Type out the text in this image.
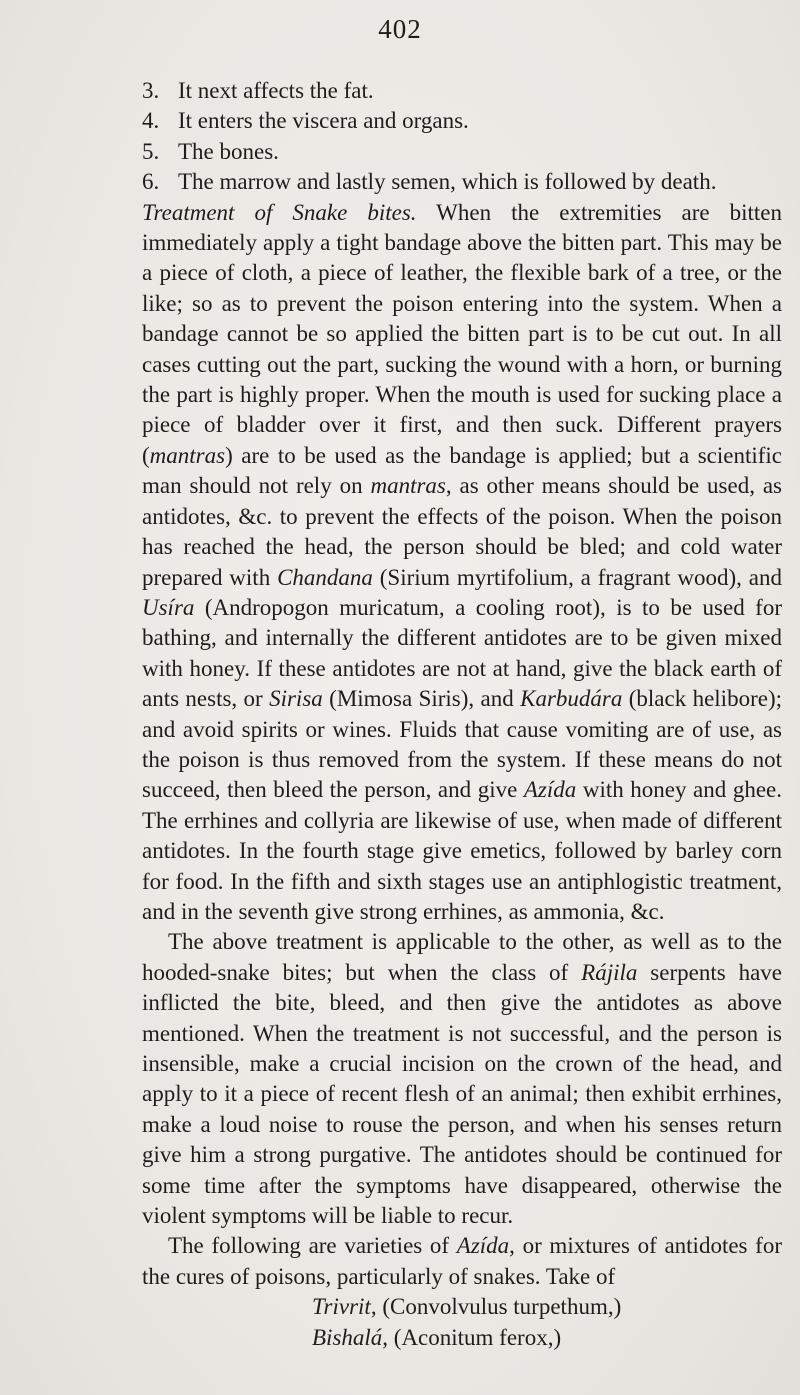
402
3. It next affects the fat.
4. It enters the viscera and organs.
5. The bones.
6. The marrow and lastly semen, which is followed by death.

Treatment of Snake bites. When the extremities are bitten immediately apply a tight bandage above the bitten part. This may be a piece of cloth, a piece of leather, the flexible bark of a tree, or the like; so as to prevent the poison entering into the system. When a bandage cannot be so applied the bitten part is to be cut out. In all cases cutting out the part, sucking the wound with a horn, or burning the part is highly proper. When the mouth is used for sucking place a piece of bladder over it first, and then suck. Different prayers (mantras) are to be used as the bandage is applied; but a scientific man should not rely on mantras, as other means should be used, as antidotes, &c. to prevent the effects of the poison. When the poison has reached the head, the person should be bled; and cold water prepared with Chandana (Sirium myrtifolium, a fragrant wood), and Usíra (Andropogon muricatum, a cooling root), is to be used for bathing, and internally the different antidotes are to be given mixed with honey. If these antidotes are not at hand, give the black earth of ants nests, or Sirisa (Mimosa Siris), and Karbudára (black helibore); and avoid spirits or wines. Fluids that cause vomiting are of use, as the poison is thus removed from the system. If these means do not succeed, then bleed the person, and give Azída with honey and ghee. The errhines and collyria are likewise of use, when made of different antidotes. In the fourth stage give emetics, followed by barley corn for food. In the fifth and sixth stages use an antiphlogistic treatment, and in the seventh give strong errhines, as ammonia, &c.

The above treatment is applicable to the other, as well as to the hooded-snake bites; but when the class of Rájila serpents have inflicted the bite, bleed, and then give the antidotes as above mentioned. When the treatment is not successful, and the person is insensible, make a crucial incision on the crown of the head, and apply to it a piece of recent flesh of an animal; then exhibit errhines, make a loud noise to rouse the person, and when his senses return give him a strong purgative. The antidotes should be continued for some time after the symptoms have disappeared, otherwise the violent symptoms will be liable to recur.

The following are varieties of Azída, or mixtures of antidotes for the cures of poisons, particularly of snakes. Take of

Trivrit, (Convolvulus turpethum,)
Bishalá, (Aconitum ferox,)
